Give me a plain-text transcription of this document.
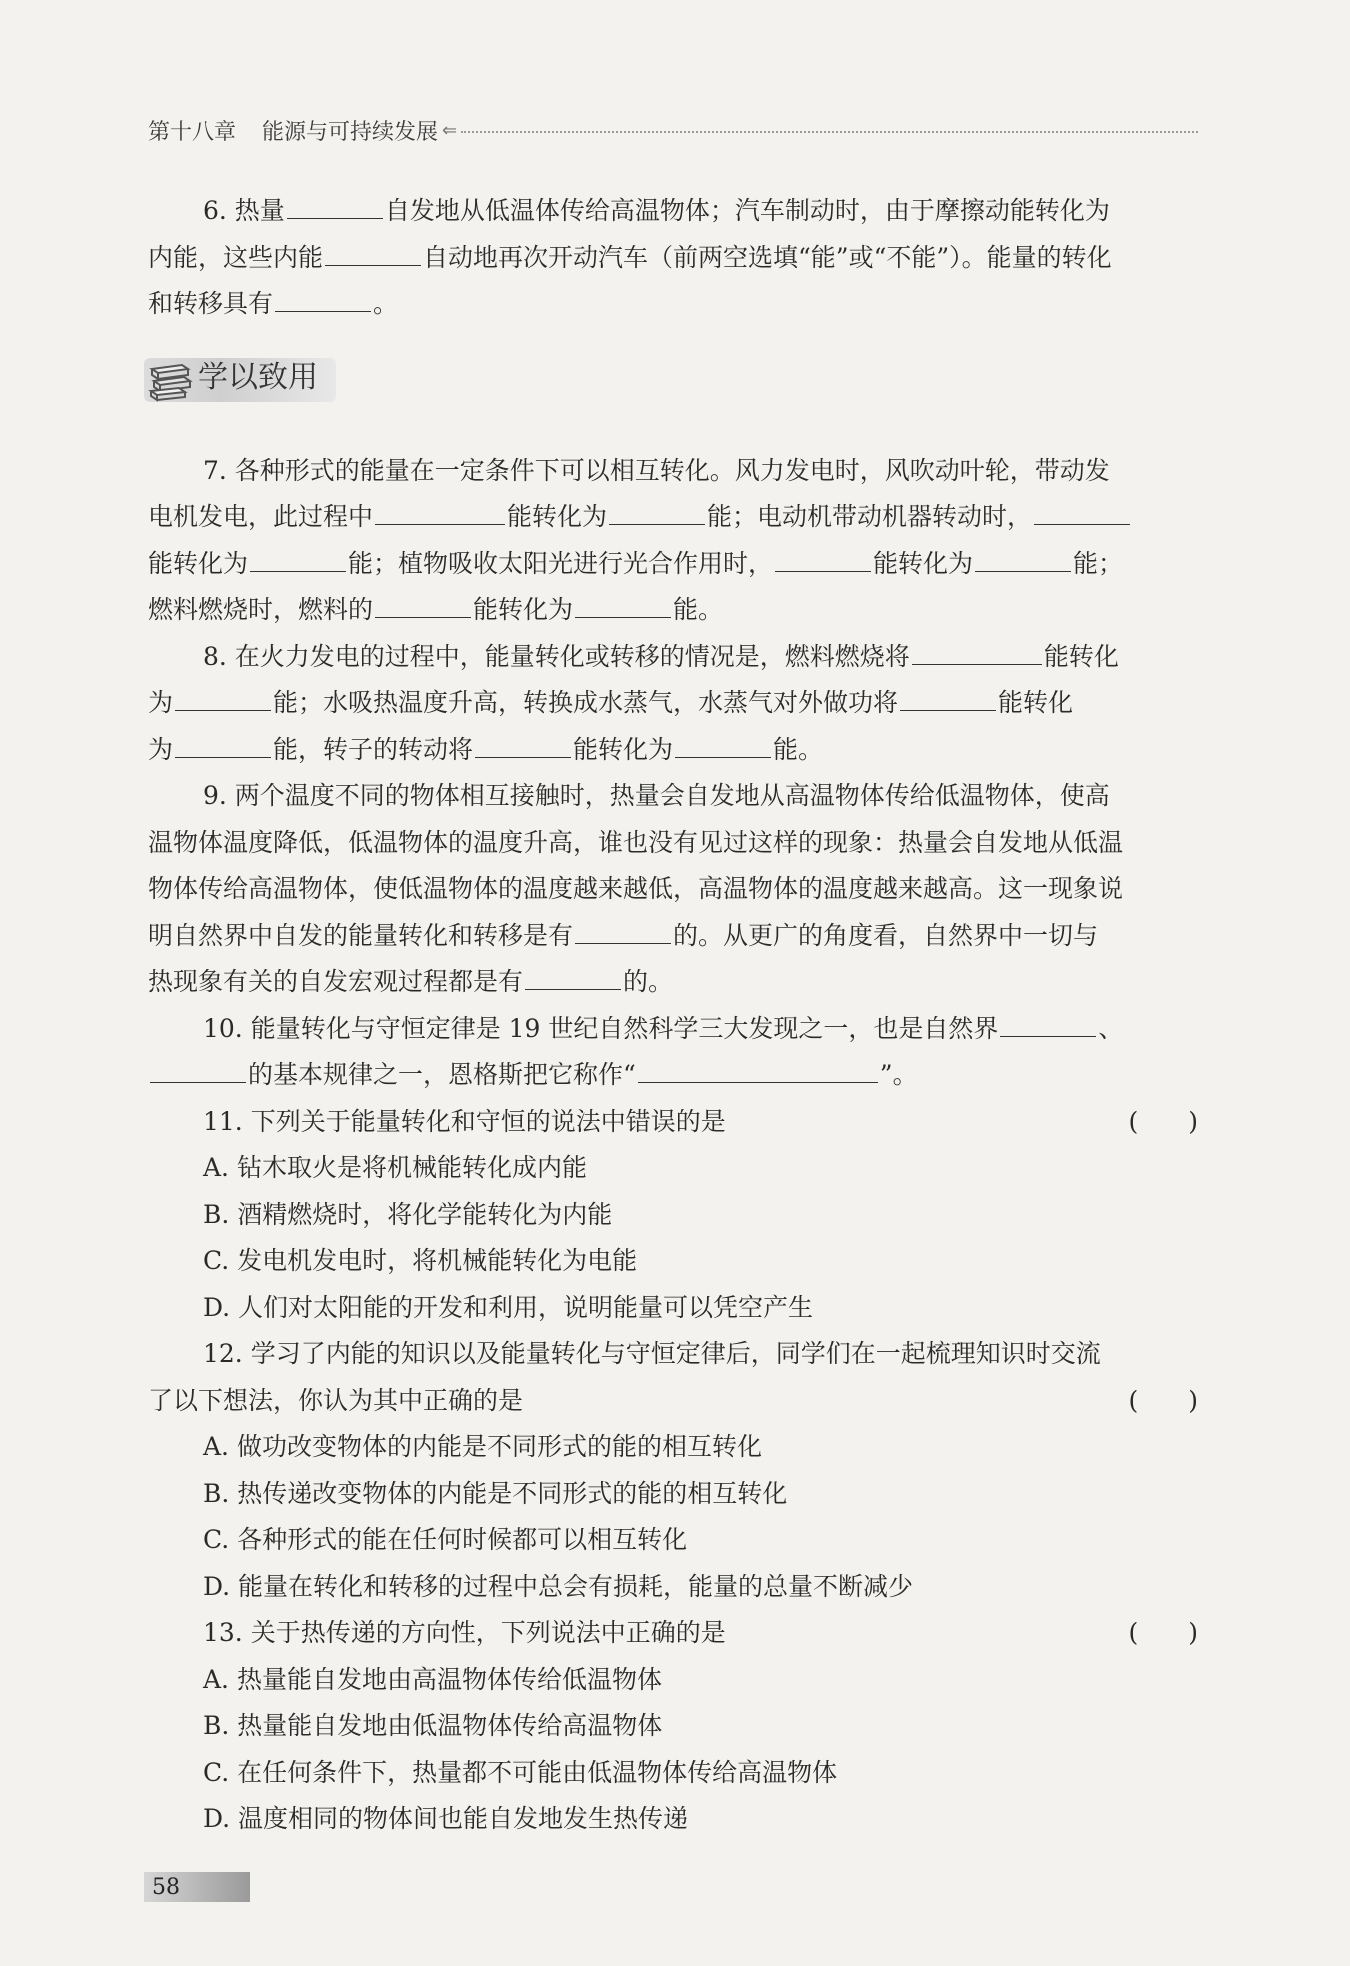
第十八章 能源与可持续发展 ⇐

6. 热量	自发地从低温体传给高温物体；汽车制动时，由于摩擦动能转化为

内能，这些内能	自动地再次开动汽车（前两空选填“能”或“不能”）。能量的转化

和转移具有	。

学以致用

7. 各种形式的能量在一定条件下可以相互转化。风力发电时，风吹动叶轮，带动发

电机发电，此过程中	能转化为	能；电动机带动机器转动时，

能转化为	能；植物吸收太阳光进行光合作用时，	能转化为	能；

燃料燃烧时，燃料的	能转化为	能。

8. 在火力发电的过程中，能量转化或转移的情况是，燃料燃烧将	能转化

为	能；水吸热温度升高，转换成水蒸气，水蒸气对外做功将	能转化

为	能，转子的转动将	能转化为	能。

9. 两个温度不同的物体相互接触时，热量会自发地从高温物体传给低温物体，使高

温物体温度降低，低温物体的温度升高，谁也没有见过这样的现象：热量会自发地从低温

物体传给高温物体，使低温物体的温度越来越低，高温物体的温度越来越高。这一现象说

明自然界中自发的能量转化和转移是有	的。从更广的角度看，自然界中一切与

热现象有关的自发宏观过程都是有	的。

10. 能量转化与守恒定律是 19 世纪自然科学三大发现之一，也是自然界	、

的基本规律之一，恩格斯把它称作“	”。

11. 下列关于能量转化和守恒的说法中错误的是	(　　)

A. 钻木取火是将机械能转化成内能

B. 酒精燃烧时，将化学能转化为内能

C. 发电机发电时，将机械能转化为电能

D. 人们对太阳能的开发和利用，说明能量可以凭空产生

12. 学习了内能的知识以及能量转化与守恒定律后，同学们在一起梳理知识时交流

了以下想法，你认为其中正确的是	(　　)

A. 做功改变物体的内能是不同形式的能的相互转化

B. 热传递改变物体的内能是不同形式的能的相互转化

C. 各种形式的能在任何时候都可以相互转化

D. 能量在转化和转移的过程中总会有损耗，能量的总量不断减少

13. 关于热传递的方向性，下列说法中正确的是	(　　)

A. 热量能自发地由高温物体传给低温物体

B. 热量能自发地由低温物体传给高温物体

C. 在任何条件下，热量都不可能由低温物体传给高温物体

D. 温度相同的物体间也能自发地发生热传递

58
